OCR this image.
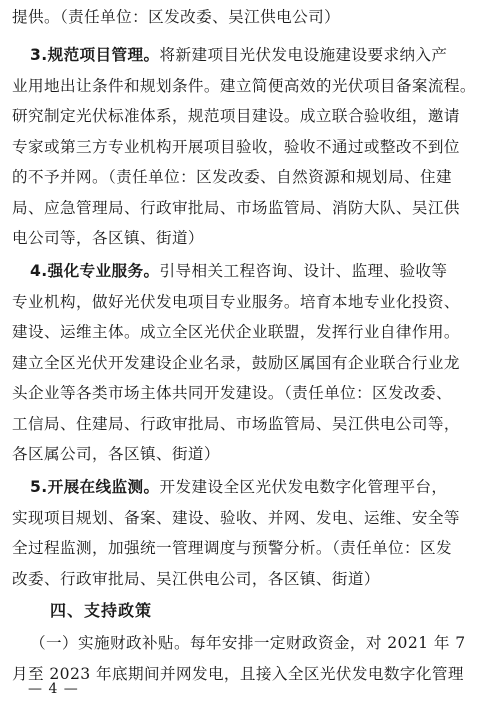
提供。（责任单位：区发改委、吴江供电公司）

3.规范项目管理。将新建项目光伏发电设施建设要求纳入产

业用地出让条件和规划条件。建立简便高效的光伏项目备案流程。

研究制定光伏标准体系，规范项目建设。成立联合验收组，邀请

专家或第三方专业机构开展项目验收，验收不通过或整改不到位

的不予并网。（责任单位：区发改委、自然资源和规划局、住建

局、应急管理局、行政审批局、市场监管局、消防大队、吴江供

电公司等，各区镇、街道）

4.强化专业服务。引导相关工程咨询、设计、监理、验收等

专业机构，做好光伏发电项目专业服务。培育本地专业化投资、

建设、运维主体。成立全区光伏企业联盟，发挥行业自律作用。

建立全区光伏开发建设企业名录，鼓励区属国有企业联合行业龙

头企业等各类市场主体共同开发建设。（责任单位：区发改委、

工信局、住建局、行政审批局、市场监管局、吴江供电公司等，

各区属公司，各区镇、街道）

5.开展在线监测。开发建设全区光伏发电数字化管理平台，

实现项目规划、备案、建设、验收、并网、发电、运维、安全等

全过程监测，加强统一管理调度与预警分析。（责任单位：区发

改委、行政审批局、吴江供电公司，各区镇、街道）

四、支持政策

（一）实施财政补贴。每年安排一定财政资金，对 2021 年 7

月至 2023 年底期间并网发电，且接入全区光伏发电数字化管理

— 4 —
